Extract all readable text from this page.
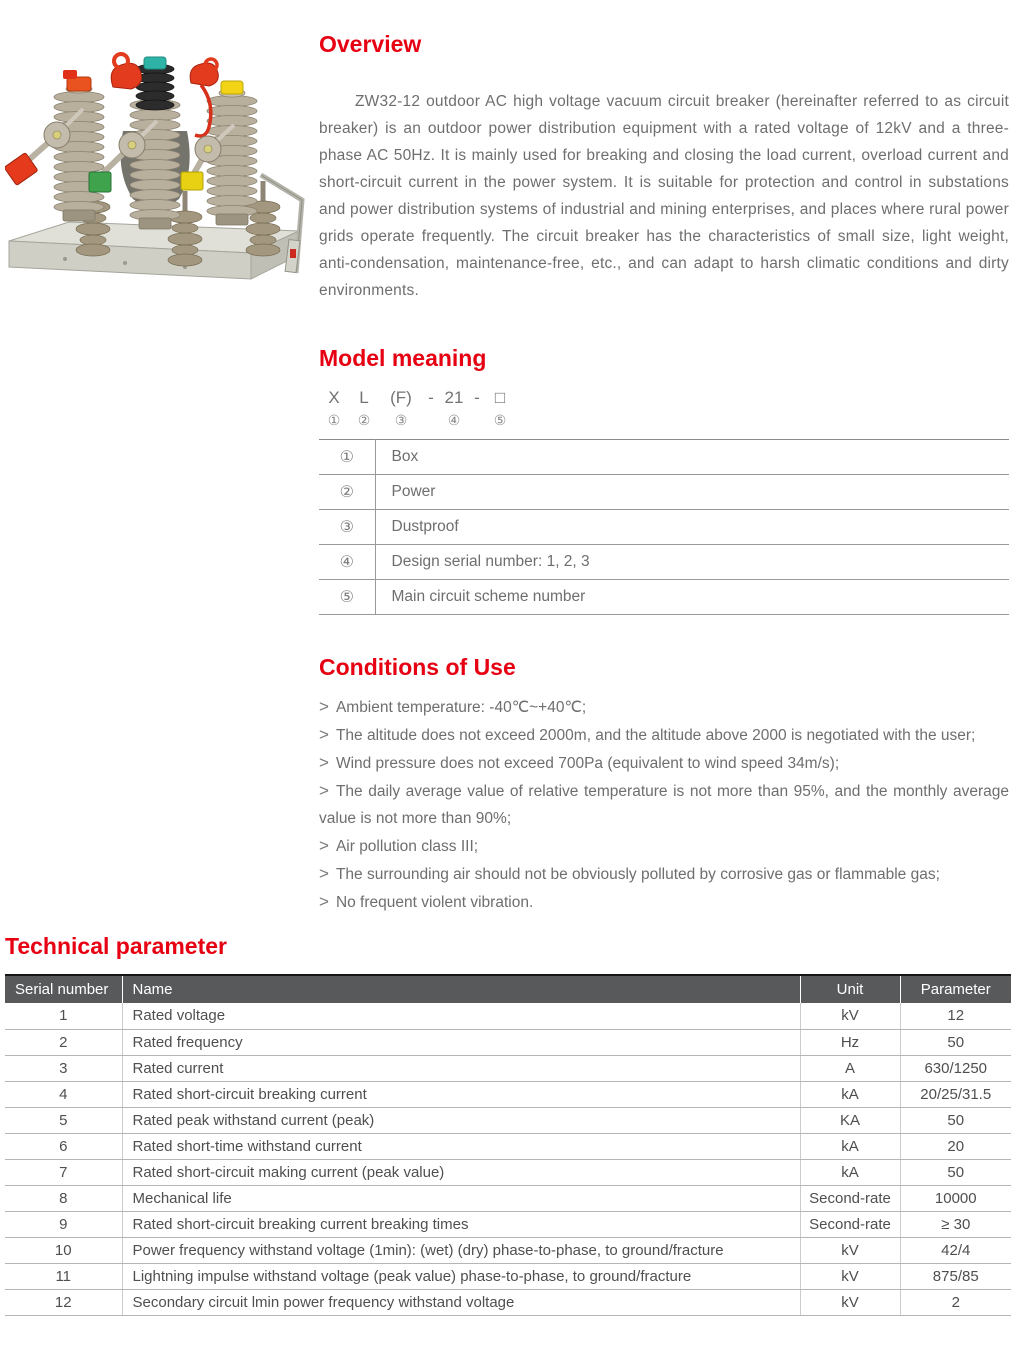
Overview

ZW32-12 outdoor AC high voltage vacuum circuit breaker (hereinafter referred to as circuit breaker) is an outdoor power distribution equipment with a rated voltage of 12kV and a three-phase AC 50Hz. It is mainly used for breaking and closing the load current, overload current and short-circuit current in the power system. It is suitable for protection and control in substations and power distribution systems of industrial and mining enterprises, and places where rural power grids operate frequently. The circuit breaker has the characteristics of small size, light weight, anti-condensation, maintenance-free, etc., and can adapt to harsh climatic conditions and dirty environments.

Model meaning
X	L	(F) - 21 - □
①	②	③	④	⑤
①	Box
②	Power
③	Dustproof
④	Design serial number: 1, 2, 3
⑤	Main circuit scheme number
Conditions of Use

> Ambient temperature: -40℃~+40℃;

> The altitude does not exceed 2000m, and the altitude above 2000 is negotiated with the user;

> Wind pressure does not exceed 700Pa (equivalent to wind speed 34m/s);

> The daily average value of relative temperature is not more than 95%, and the monthly average value is not more than 90%;

> Air pollution class III;

> The surrounding air should not be obviously polluted by corrosive gas or flammable gas;

> No frequent violent vibration.

Technical parameter
Serial number	Name	Unit	Parameter
1	Rated voltage	kV	12
2	Rated frequency	Hz	50
3	Rated current	A	630/1250
4	Rated short-circuit breaking current	kA	20/25/31.5
5	Rated peak withstand current (peak)	KA	50
6	Rated short-time withstand current	kA	20
7	Rated short-circuit making current (peak value)	kA	50
8	Mechanical life	Second-rate	10000
9	Rated short-circuit breaking current breaking times	Second-rate	≥ 30
10	Power frequency withstand voltage (1min): (wet) (dry) phase-to-phase, to ground/fracture	kV	42/4
11	Lightning impulse withstand voltage (peak value) phase-to-phase, to ground/fracture	kV	875/85
12	Secondary circuit lmin power frequency withstand voltage	kV	2
